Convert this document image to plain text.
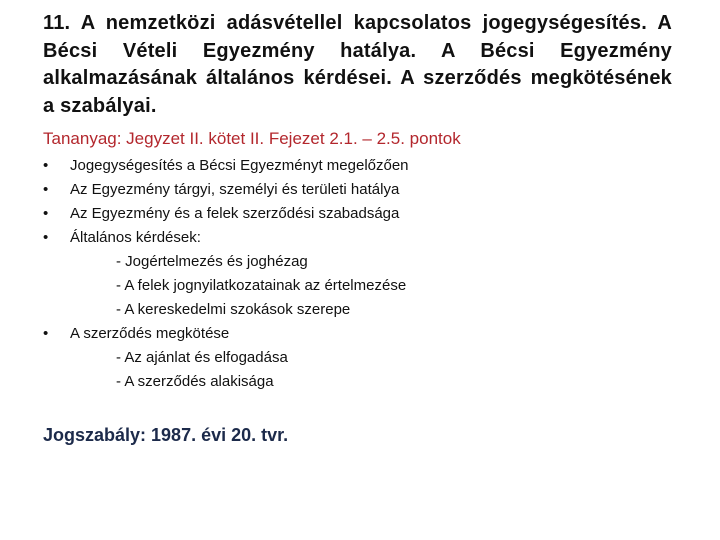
11. A nemzetközi adásvétellel kapcsolatos jogegységesítés. A Bécsi Vételi Egyezmény hatálya. A Bécsi Egyezmény alkalmazásának általános kérdései. A szerződés megkötésének a szabályai.
Tananyag: Jegyzet II. kötet II. Fejezet 2.1. – 2.5. pontok
•	Jogegységesítés a Bécsi Egyezményt megelőzően
•	Az Egyezmény tárgyi, személyi és területi hatálya
•	Az Egyezmény és a felek szerződési szabadsága
•	Általános kérdések:
- Jogértelmezés és joghézag
- A felek jognyilatkozatainak az értelmezése
- A kereskedelmi szokások szerepe
•	A szerződés megkötése
- Az ajánlat és elfogadása
- A szerződés alakisága
Jogszabály: 1987. évi 20. tvr.
